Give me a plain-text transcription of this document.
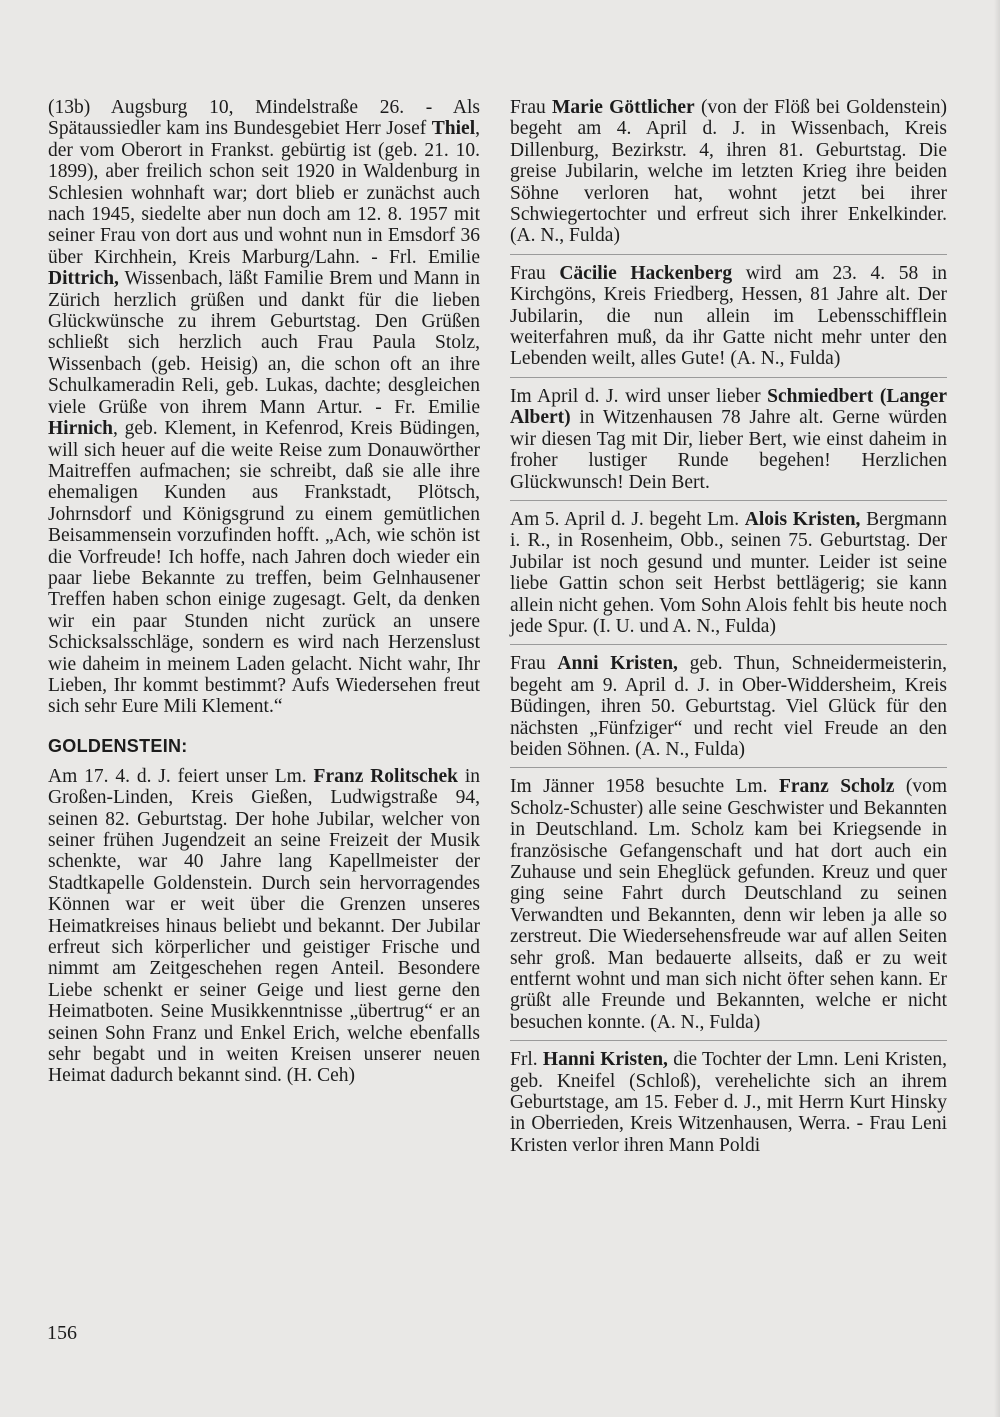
(13b) Augsburg 10, Mindelstraße 26. - Als Spätaussiedler kam ins Bundesgebiet Herr Josef Thiel, der vom Oberort in Frankst. gebürtig ist (geb. 21. 10. 1899), aber freilich schon seit 1920 in Waldenburg in Schlesien wohnhaft war; dort blieb er zunächst auch nach 1945, siedelte aber nun doch am 12. 8. 1957 mit seiner Frau von dort aus und wohnt nun in Emsdorf 36 über Kirchhein, Kreis Marburg/Lahn. - Frl. Emilie Dittrich, Wissenbach, läßt Familie Brem und Mann in Zürich herzlich grüßen und dankt für die lieben Glückwünsche zu ihrem Geburtstag. Den Grüßen schließt sich herzlich auch Frau Paula Stolz, Wissenbach (geb. Heisig) an, die schon oft an ihre Schulkameradin Reli, geb. Lukas, dachte; desgleichen viele Grüße von ihrem Mann Artur. - Fr. Emilie Hirnich, geb. Klement, in Kefenrod, Kreis Büdingen, will sich heuer auf die weite Reise zum Donauwörther Maitreffen aufmachen; sie schreibt, daß sie alle ihre ehemaligen Kunden aus Frankstadt, Plötsch, Johrnsdorf und Königsgrund zu einem gemütlichen Beisammensein vorzufinden hofft. „Ach, wie schön ist die Vorfreude! Ich hoffe, nach Jahren doch wieder ein paar liebe Bekannte zu treffen, beim Gelnhausener Treffen haben schon einige zugesagt. Gelt, da denken wir ein paar Stunden nicht zurück an unsere Schicksalsschläge, sondern es wird nach Herzenslust wie daheim in meinem Laden gelacht. Nicht wahr, Ihr Lieben, Ihr kommt bestimmt? Aufs Wiedersehen freut sich sehr Eure Mili Klement.“

GOLDENSTEIN:

Am 17. 4. d. J. feiert unser Lm. Franz Rolitschek in Großen-Linden, Kreis Gießen, Ludwigstraße 94, seinen 82. Geburtstag. Der hohe Jubilar, welcher von seiner frühen Jugendzeit an seine Freizeit der Musik schenkte, war 40 Jahre lang Kapellmeister der Stadtkapelle Goldenstein. Durch sein hervorragendes Können war er weit über die Grenzen unseres Heimatkreises hinaus beliebt und bekannt. Der Jubilar erfreut sich körperlicher und geistiger Frische und nimmt am Zeitgeschehen regen Anteil. Besondere Liebe schenkt er seiner Geige und liest gerne den Heimatboten. Seine Musikkenntnisse „übertrug“ er an seinen Sohn Franz und Enkel Erich, welche ebenfalls sehr begabt und in weiten Kreisen unserer neuen Heimat dadurch bekannt sind. (H. Ceh)

Frau Marie Göttlicher (von der Flöß bei Goldenstein) begeht am 4. April d. J. in Wissenbach, Kreis Dillenburg, Bezirkstr. 4, ihren 81. Geburtstag. Die greise Jubilarin, welche im letzten Krieg ihre beiden Söhne verloren hat, wohnt jetzt bei ihrer Schwiegertochter und erfreut sich ihrer Enkelkinder. (A. N., Fulda)

Frau Cäcilie Hackenberg wird am 23. 4. 58 in Kirchgöns, Kreis Friedberg, Hessen, 81 Jahre alt. Der Jubilarin, die nun allein im Lebensschifflein weiterfahren muß, da ihr Gatte nicht mehr unter den Lebenden weilt, alles Gute! (A. N., Fulda)

Im April d. J. wird unser lieber Schmiedbert (Langer Albert) in Witzenhausen 78 Jahre alt. Gerne würden wir diesen Tag mit Dir, lieber Bert, wie einst daheim in froher lustiger Runde begehen! Herzlichen Glückwunsch! Dein Bert.

Am 5. April d. J. begeht Lm. Alois Kristen, Bergmann i. R., in Rosenheim, Obb., seinen 75. Geburtstag. Der Jubilar ist noch gesund und munter. Leider ist seine liebe Gattin schon seit Herbst bettlägerig; sie kann allein nicht gehen. Vom Sohn Alois fehlt bis heute noch jede Spur. (I. U. und A. N., Fulda)

Frau Anni Kristen, geb. Thun, Schneidermeisterin, begeht am 9. April d. J. in Ober-Widdersheim, Kreis Büdingen, ihren 50. Geburtstag. Viel Glück für den nächsten „Fünfziger“ und recht viel Freude an den beiden Söhnen. (A. N., Fulda)

Im Jänner 1958 besuchte Lm. Franz Scholz (vom Scholz-Schuster) alle seine Geschwister und Bekannten in Deutschland. Lm. Scholz kam bei Kriegsende in französische Gefangenschaft und hat dort auch ein Zuhause und sein Eheglück gefunden. Kreuz und quer ging seine Fahrt durch Deutschland zu seinen Verwandten und Bekannten, denn wir leben ja alle so zerstreut. Die Wiedersehensfreude war auf allen Seiten sehr groß. Man bedauerte allseits, daß er zu weit entfernt wohnt und man sich nicht öfter sehen kann. Er grüßt alle Freunde und Bekannten, welche er nicht besuchen konnte. (A. N., Fulda)

Frl. Hanni Kristen, die Tochter der Lmn. Leni Kristen, geb. Kneifel (Schloß), verehelichte sich an ihrem Geburtstage, am 15. Feber d. J., mit Herrn Kurt Hinsky in Oberrieden, Kreis Witzenhausen, Werra. - Frau Leni Kristen verlor ihren Mann Poldi

156
